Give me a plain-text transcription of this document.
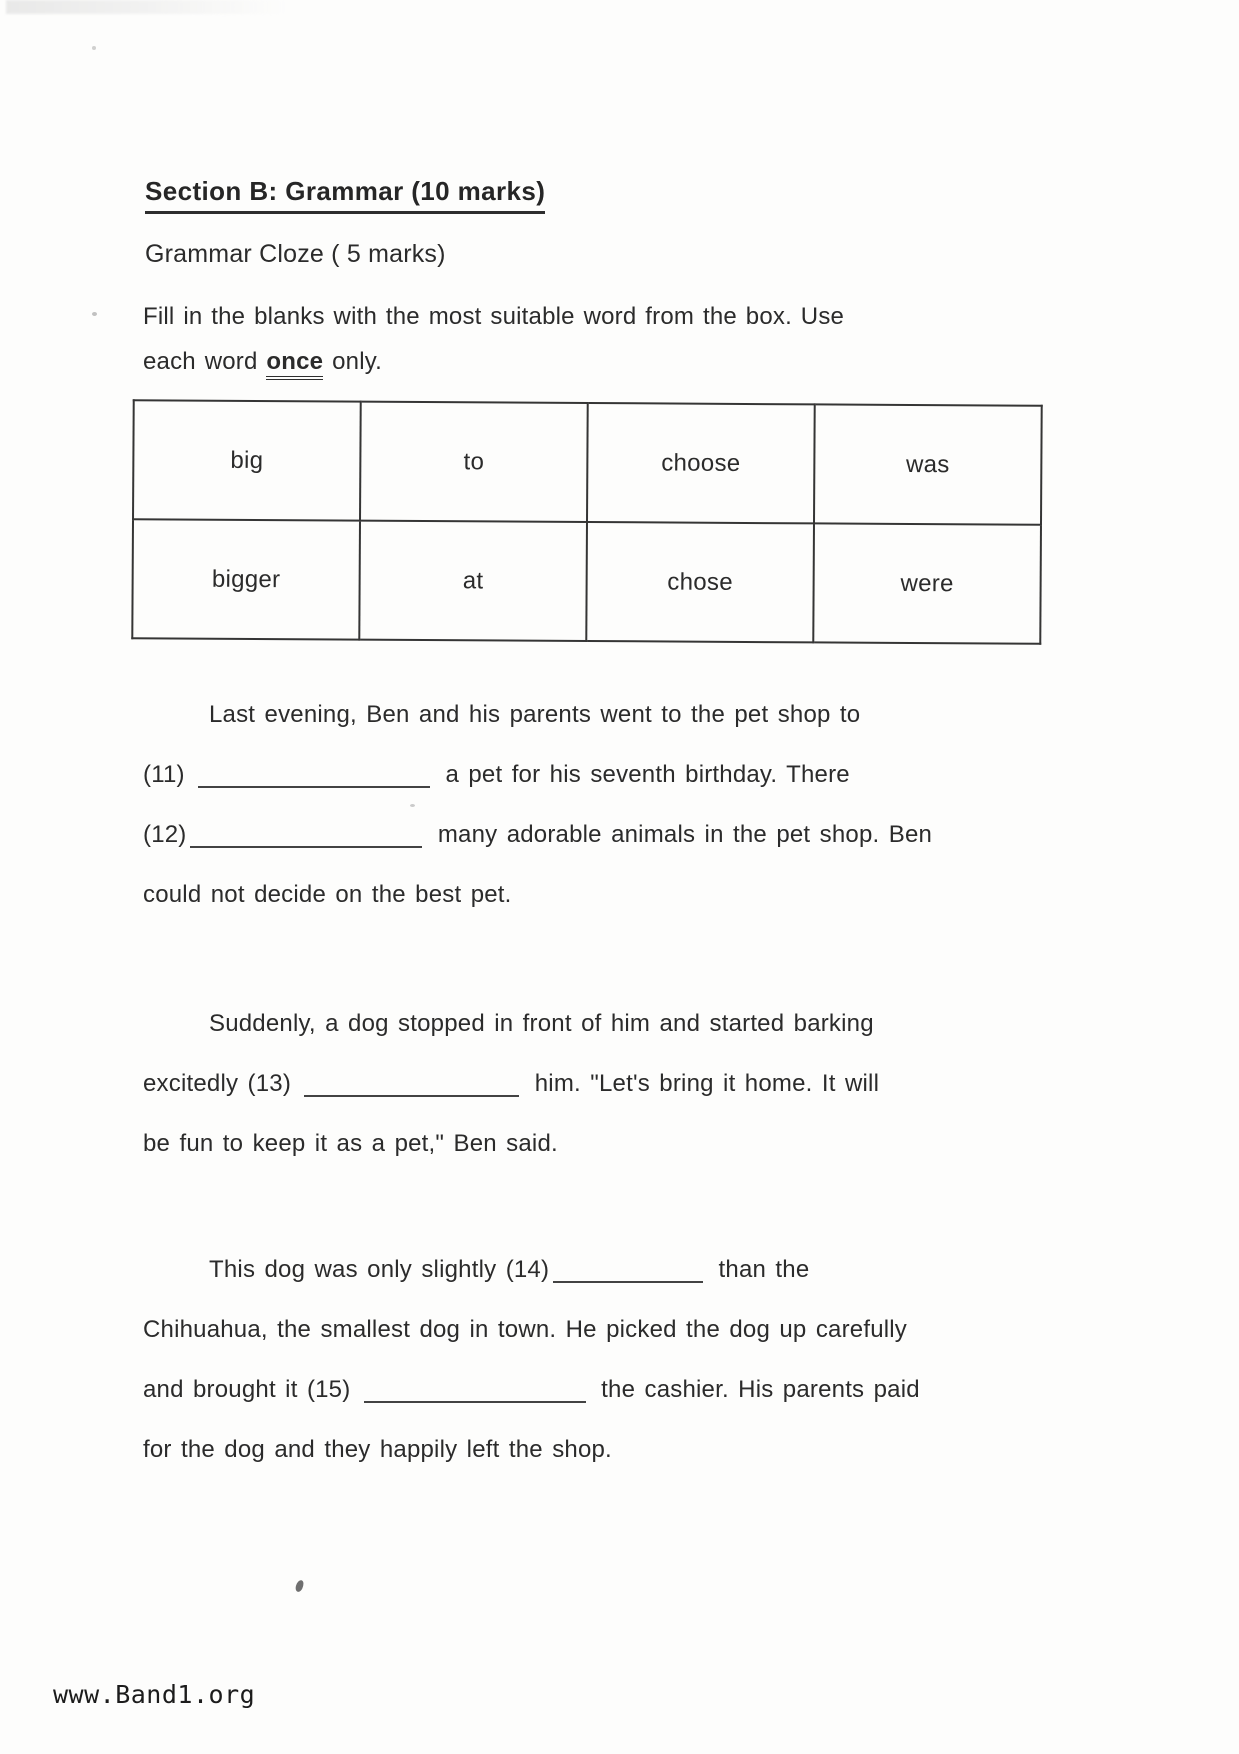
Section B: Grammar (10 marks)
Grammar Cloze ( 5 marks)
Fill in the blanks with the most suitable word from the box. Use
each word once only.
big	to	choose	was
bigger	at	chose	were
Last evening, Ben and his parents went to the pet shop to
(11)	a pet for his seventh birthday. There
(12)	many adorable animals in the pet shop. Ben
could not decide on the best pet.
Suddenly, a dog stopped in front of him and started barking
excitedly (13)	him. "Let's bring it home. It will
be fun to keep it as a pet," Ben said.
This dog was only slightly (14)	than the
Chihuahua, the smallest dog in town. He picked the dog up carefully
and brought it (15)	the cashier. His parents paid
for the dog and they happily left the shop.
www.Band1.org
